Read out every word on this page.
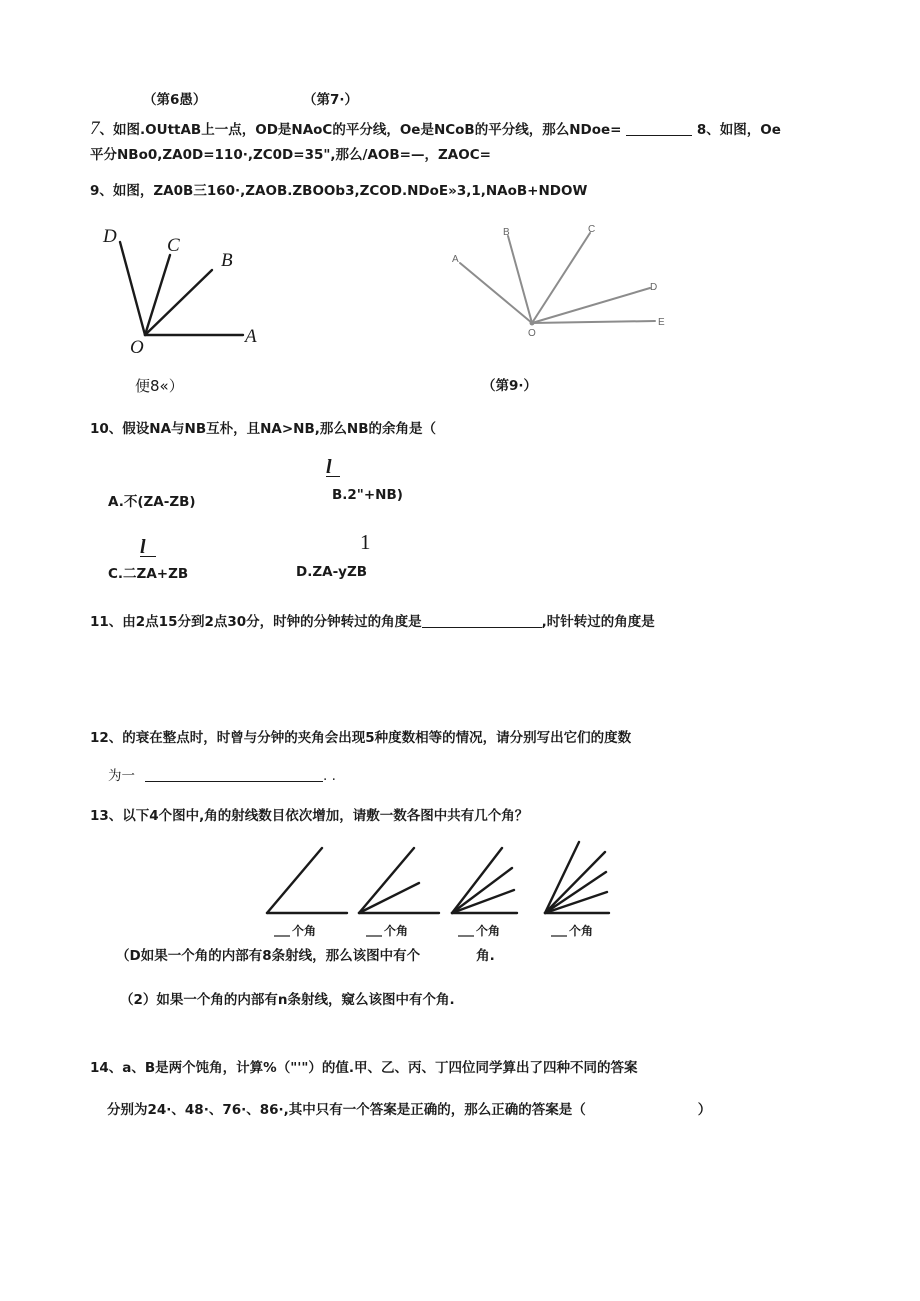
（第6愚）	（第7·）
7、如图.OUttAB上一点，OD是NAoC的平分线，Oe是NCoB的平分线，那么NDoe=	8、如图，Oe
平分NBo0,ZA0D=110·,ZC0D=35",那么/AOB=—，ZAOC=
9、如图，ZA0B三160·,ZAOB.ZBOOb3,ZCOD.NDoE»3,1,NAoB+NDOW
D	C
B
A
O
A
B	C
D
E
O
便8«）	（第9·）
10、假设NA与NB互朴，且NA>NB,那么NB的余角是（
l
A.不(ZA-ZB)	B.2"+NB)
l	1
C.二ZA+ZB	D.ZA-yZB
11、由2点15分到2点30分，时钟的分钟转过的角度是	,时针转过的角度是
12、的衰在整点时，时曾与分钟的夹角会出现5种度数相等的情况，请分别写出它们的度数
为一	. .
13、以下4个图中,角的射线数目依次增加，请敷一数各图中共有几个角？
个角	个角	个角	个角
（D如果一个角的内部有8条射线，那么该图中有个	角.
（2）如果一个角的内部有n条射线，窥么该图中有个角.
14、a、B是两个饨角，计算%（"'"）的值.甲、乙、丙、丁四位同学算出了四种不同的答案
分别为24·、48·、76·、86·,其中只有一个答案是正确的，那么正确的答案是（	）
